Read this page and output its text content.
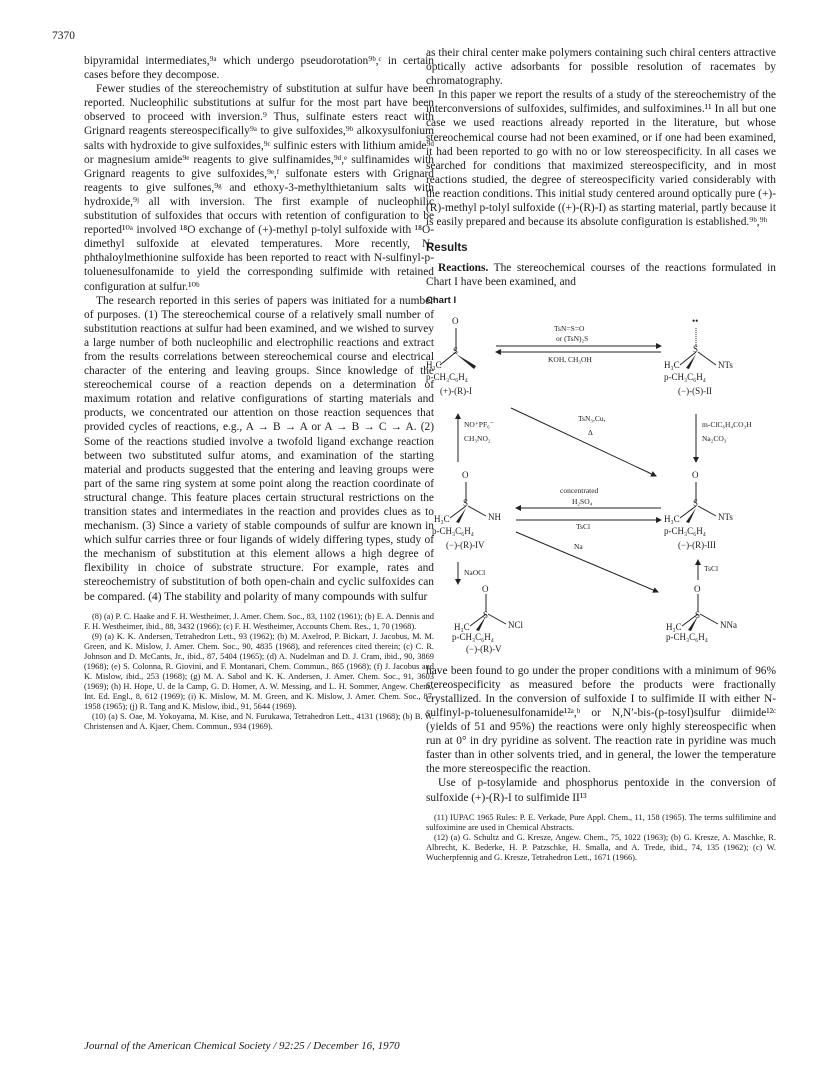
7370

bipyramidal intermediates,⁹ᵃ which undergo pseudorotation⁹ᵇ,ᶜ in certain cases before they decompose.

Fewer studies of the stereochemistry of substitution at sulfur have been reported. Nucleophilic substitutions at sulfur for the most part have been observed to proceed with inversion.⁹ Thus, sulfinate esters react with Grignard reagents stereospecifically⁹ᵃ to give sulfoxides,⁹ᵇ alkoxysulfonium salts with hydroxide to give sulfoxides,⁹ᶜ sulfinic esters with lithium amide⁹ᵈ or magnesium amide⁹ᵉ reagents to give sulfinamides,⁹ᵈ,ᵉ sulfinamides with Grignard reagents to give sulfoxides,⁹ᵉ,ᶠ sulfonate esters with Grignard reagents to give sulfones,⁹ᵍ and ethoxy-3-methylthietanium salts with hydroxide,⁹ʲ all with inversion. The first example of nucleophilic substitution of sulfoxides that occurs with retention of configuration to be reported¹⁰ᵃ involved ¹⁸O exchange of (+)-methyl p-tolyl sulfoxide with ¹⁸O-dimethyl sulfoxide at elevated temperatures. More recently, N-phthaloylmethionine sulfoxide has been reported to react with N-sulfinyl-p-toluenesulfonamide to yield the corresponding sulfimide with retained configuration at sulfur.¹⁰ᵇ

The research reported in this series of papers was initiated for a number of purposes. (1) The stereochemical course of a relatively small number of substitution reactions at sulfur had been examined, and we wished to survey a large number of both nucleophilic and electrophilic reactions and extract from the results correlations between stereochemical course and electrical character of the entering and leaving groups. Since knowledge of the stereochemical course of a reaction depends on a determination of maximum rotation and relative configurations of starting materials and products, we concentrated our attention on those reaction sequences that provided cycles of reactions, e.g., A → B → A or A → B → C → A. (2) Some of the reactions studied involve a twofold ligand exchange reaction between two substituted sulfur atoms, and examination of the starting material and products suggested that the entering and leaving groups were part of the same ring system at some point along the reaction coordinate of structural change. This feature places certain structural restrictions on the transition states and intermediates in the reaction and provides clues as to mechanism. (3) Since a variety of stable compounds of sulfur are known in which sulfur carries three or four ligands of widely differing types, study of the mechanism of substitution at this element allows a high degree of flexibility in choice of substrate structure. For example, rates and stereochemistry of substitution of both open-chain and cyclic sulfoxides can be compared. (4) The stability and polarity of many compounds with sulfur

(8) (a) P. C. Haake and F. H. Westheimer, J. Amer. Chem. Soc., 83, 1102 (1961); (b) E. A. Dennis and F. H. Westheimer, ibid., 88, 3432 (1966); (c) F. H. Westheimer, Accounts Chem. Res., 1, 70 (1968).

(9) (a) K. K. Andersen, Tetrahedron Lett., 93 (1962); (b) M. Axelrod, P. Bickart, J. Jacobus, M. M. Green, and K. Mislow, J. Amer. Chem. Soc., 90, 4835 (1968), and references cited therein; (c) C. R. Johnson and D. McCants, Jr., ibid., 87, 5404 (1965); (d) A. Nudelman and D. J. Cram, ibid., 90, 3869 (1968); (e) S. Colonna, R. Giovini, and F. Montanari, Chem. Commun., 865 (1968); (f) J. Jacobus and K. Mislow, ibid., 253 (1968); (g) M. A. Sabol and K. K. Andersen, J. Amer. Chem. Soc., 91, 3603 (1969); (h) H. Hope, U. de la Camp, G. D. Homer, A. W. Messing, and L. H. Sommer, Angew. Chem., Int. Ed. Engl., 8, 612 (1969); (i) K. Mislow, M. M. Green, and K. Mislow, J. Amer. Chem. Soc., 87, 1958 (1965); (j) R. Tang and K. Mislow, ibid., 91, 5644 (1969).

(10) (a) S. Oae, M. Yokoyama, M. Kise, and N. Furukawa, Tetrahedron Lett., 4131 (1968); (b) B. W. Christensen and A. Kjaer, Chem. Commun., 934 (1969).

as their chiral center make polymers containing such chiral centers attractive optically active adsorbants for possible resolution of racemates by chromatography.

In this paper we report the results of a study of the stereochemistry of the interconversions of sulfoxides, sulfimides, and sulfoximines.¹¹ In all but one case we used reactions already reported in the literature, but whose stereochemical course had not been examined, or if one had been examined, it had been reported to go with no or low stereospecificity. In all cases we searched for conditions that maximized stereospecificity, and in most reactions studied, the degree of stereospecificity varied considerably with the reaction conditions. This initial study centered around optically pure (+)-(R)-methyl p-tolyl sulfoxide ((+)-(R)-I) as starting material, partly because it is easily prepared and because its absolute configuration is established.⁹ᵇ,⁹ʰ

Results

Reactions. The stereochemical courses of the reactions formulated in Chart I have been examined, and

Chart I
O
S
H₃C
p-CH₃C₆H₄
(+)-(R)-I
••
S
H₃C	NTs
p-CH₃C₆H₄
(−)-(S)-II
TsN=S=O
or (TsN)₂S
KOH, CH₃OH
NO⁺PF₆⁻
CH₃NO₂
TsN₃,Cu,
Δ
m-ClC₆H₄CO₃H
Na₂CO₃
O
S
H₃C	NH
p-CH₃C₆H₄
(−)-(R)-IV
O
S
H₃C	NTs
p-CH₃C₆H₄
(−)-(R)-III
concentrated
H₂SO₄
TsCl
Na
NaOCl	TsCl
O
S
H₃C	NCl
p-CH₃C₆H₄
O
S
H₃C	NNa
p-CH₃C₆H₄
(−)-(R)-V

have been found to go under the proper conditions with a minimum of 96% stereospecificity as measured before the products were fractionally crystallized. In the conversion of sulfoxide I to sulfimide II with either N-sulfinyl-p-toluenesulfonamide¹²ᵃ,ᵇ or N,N′-bis-(p-tosyl)sulfur diimide¹²ᶜ (yields of 51 and 95%) the reactions were only highly stereospecific when run at 0° in dry pyridine as solvent. The reaction rate in pyridine was much faster than in other solvents tried, and in general, the lower the temperature the more stereospecific the reaction.

Use of p-tosylamide and phosphorus pentoxide in the conversion of sulfoxide (+)-(R)-I to sulfimide II¹³

(11) IUPAC 1965 Rules: P. E. Verkade, Pure Appl. Chem., 11, 158 (1965). The terms sulfilimine and sulfoximine are used in Chemical Abstracts.

(12) (a) G. Schultz and G. Kresze, Angew. Chem., 75, 1022 (1963); (b) G. Kresze, A. Maschke, R. Albrecht, K. Bederke, H. P. Patzschke, H. Smalla, and A. Trede, ibid., 74, 135 (1962); (c) W. Wucherpfennig and G. Kresze, Tetrahedron Lett., 1671 (1966).

Journal of the American Chemical Society / 92:25 / December 16, 1970
